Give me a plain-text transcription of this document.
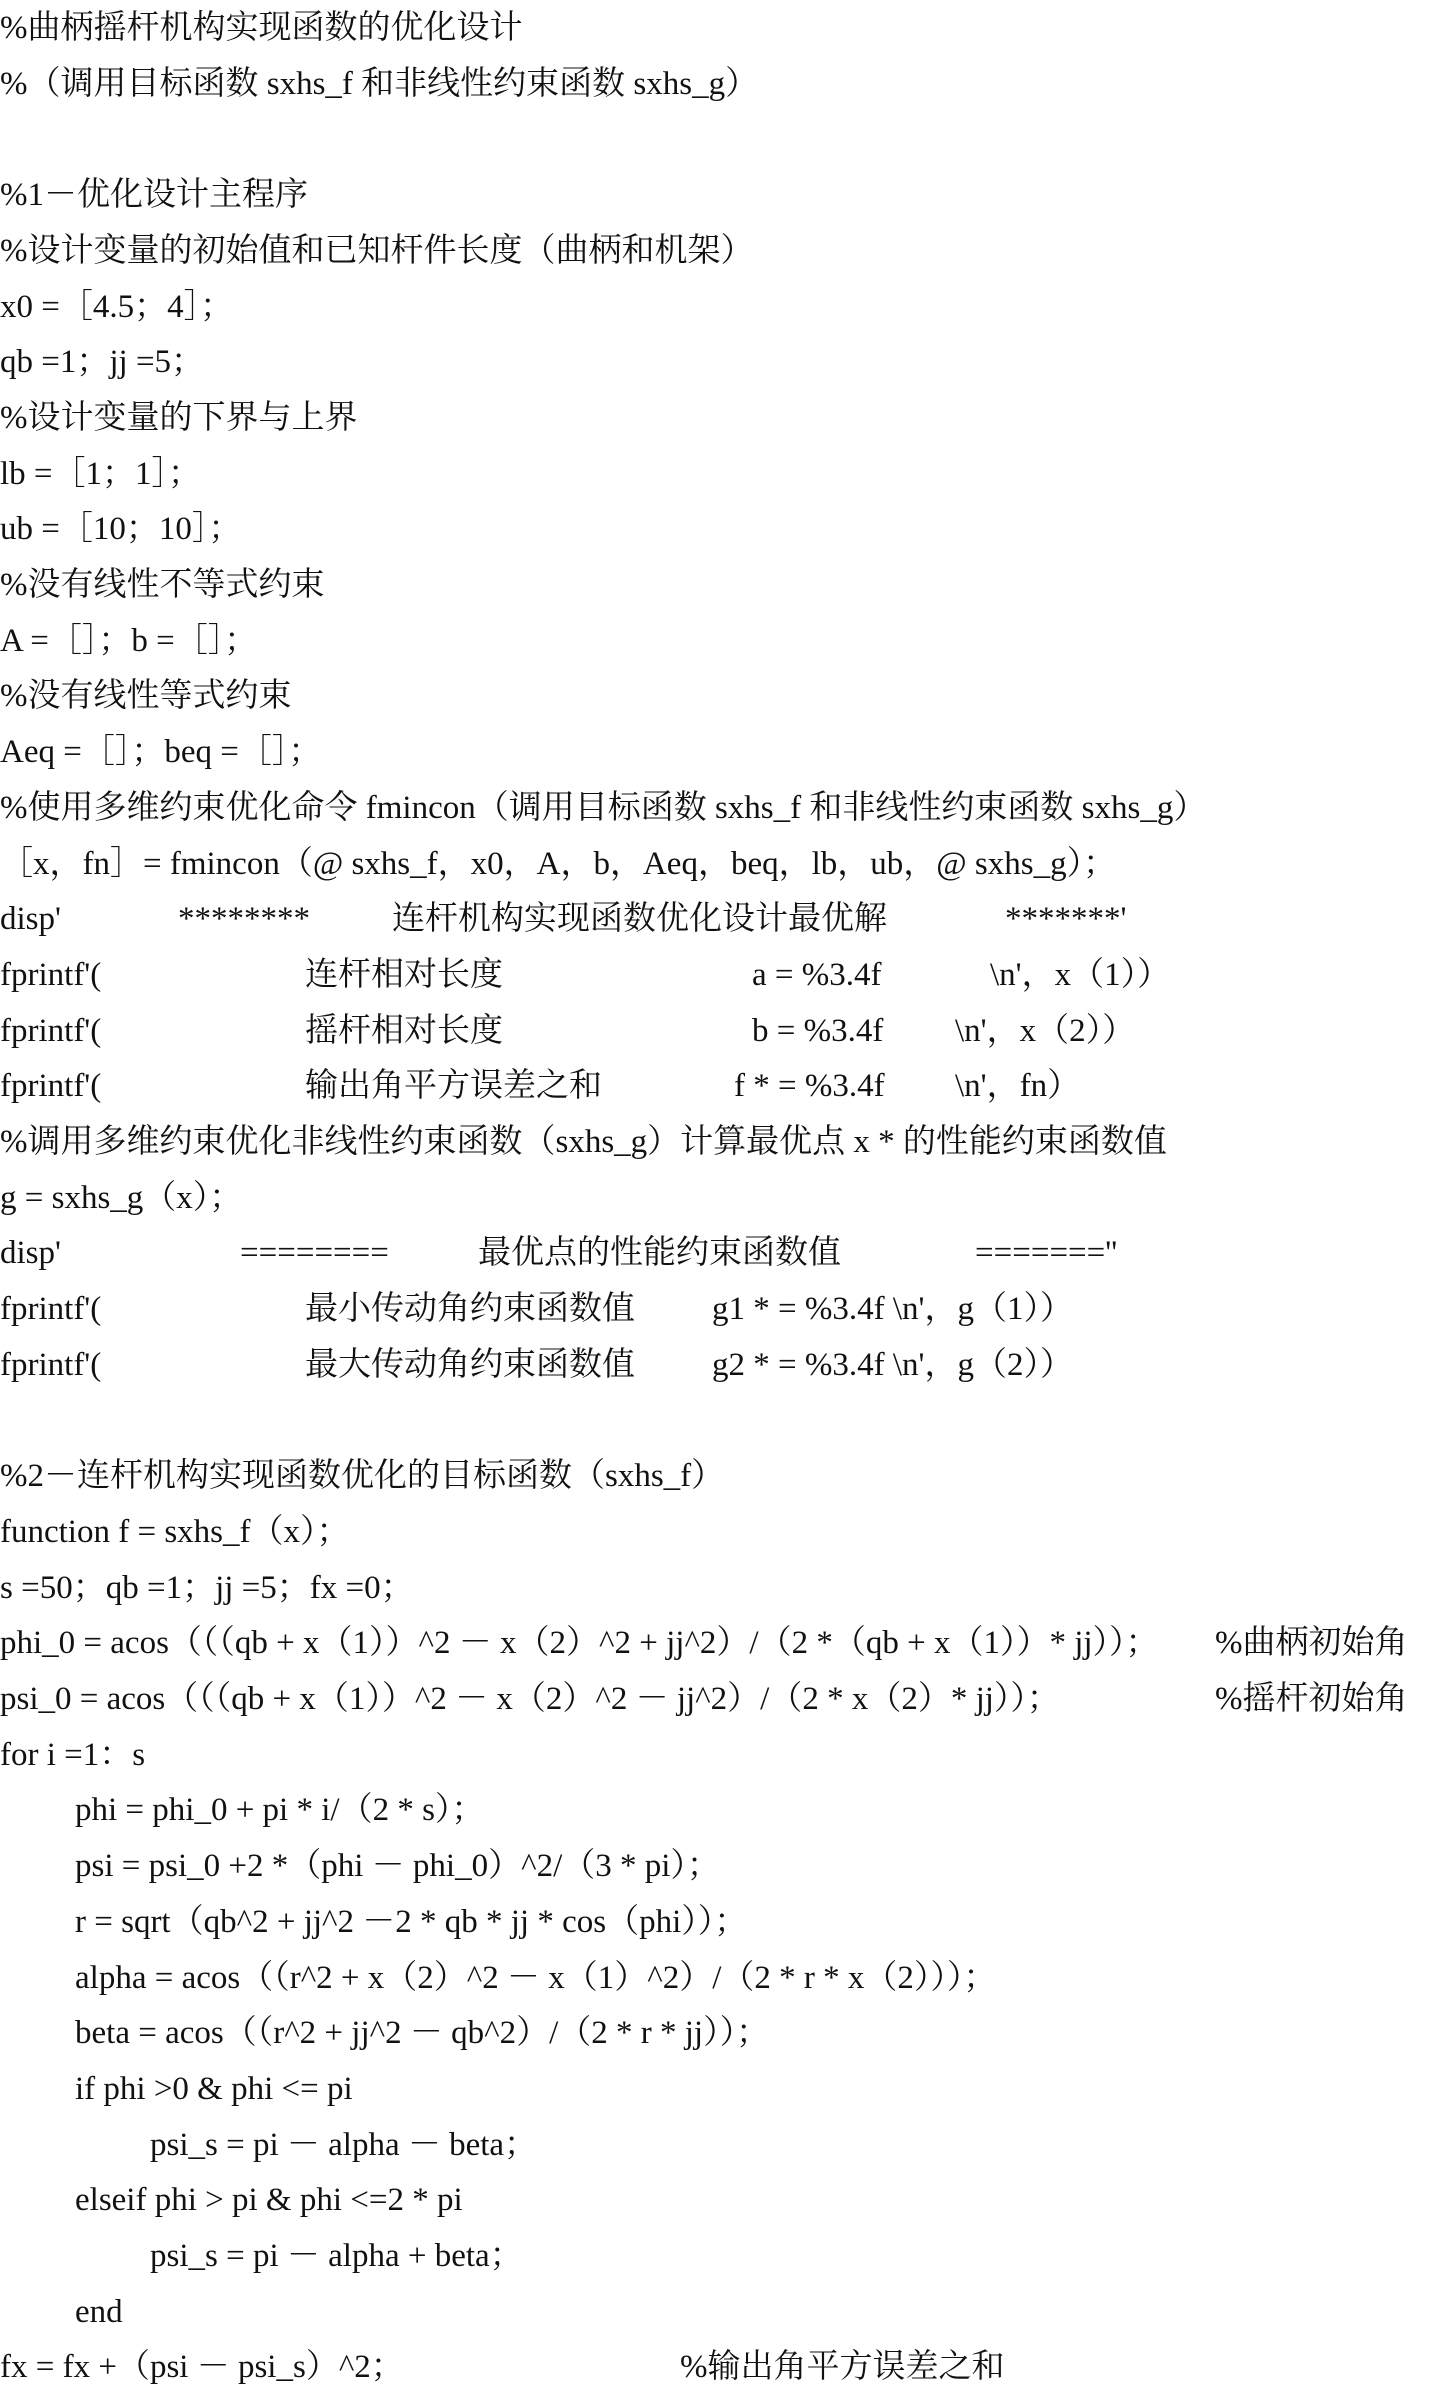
%曲柄摇杆机构实现函数的优化设计
%（调用目标函数 sxhs_f 和非线性约束函数 sxhs_g）
%1－优化设计主程序
%设计变量的初始值和已知杆件长度（曲柄和机架）
x0 =［4.5；4］；
qb =1；jj =5；
%设计变量的下界与上界
lb =［1；1］；
ub =［10；10］；
%没有线性不等式约束
A =［］；b =［］；
%没有线性等式约束
Aeq =［］；beq =［］；
%使用多维约束优化命令 fmincon（调用目标函数 sxhs_f 和非线性约束函数 sxhs_g）
［x，fn］= fmincon（@ sxhs_f，x0，A，b，Aeq，beq，lb，ub，@ sxhs_g）；
disp'	******** 连杆机构实现函数优化设计最优解	*******'
fprintf'(	连杆相对长度	a = %3.4f	\n'，x（1））
fprintf'(	摇杆相对长度	b = %3.4f \n'，x（2））
fprintf'(	输出角平方误差之和	f * = %3.4f \n'，fn）
%调用多维约束优化非线性约束函数（sxhs_g）计算最优点 x * 的性能约束函数值
g = sxhs_g（x）；
disp'	========	最优点的性能约束函数值	=======''
fprintf'(	最小传动角约束函数值 g1 * = %3.4f \n'，g（1））
fprintf'(	最大传动角约束函数值 g2 * = %3.4f \n'，g（2））
%2－连杆机构实现函数优化的目标函数（sxhs_f）
function f = sxhs_f（x）；
s =50；qb =1；jj =5；fx =0；
phi_0 = acos（（（qb + x（1））^2 － x（2）^2 + jj^2）/（2 *（qb + x（1））* jj））； %曲柄初始角
psi_0 = acos（（（qb + x（1））^2 － x（2）^2 － jj^2）/（2 * x（2）* jj））；	%摇杆初始角
for i =1：s
phi = phi_0 + pi * i/（2 * s）；
psi = psi_0 +2 *（phi － phi_0）^2/（3 * pi）；
r = sqrt（qb^2 + jj^2 －2 * qb * jj * cos（phi））；
alpha = acos（（r^2 + x（2）^2 － x（1）^2）/（2 * r * x（2）））；
beta = acos（（r^2 + jj^2 － qb^2）/（2 * r * jj））；
if phi >0 & phi <= pi
psi_s = pi － alpha － beta；
elseif phi > pi & phi <=2 * pi
psi_s = pi － alpha + beta；
end
fx = fx +（psi － psi_s）^2；	%输出角平方误差之和
